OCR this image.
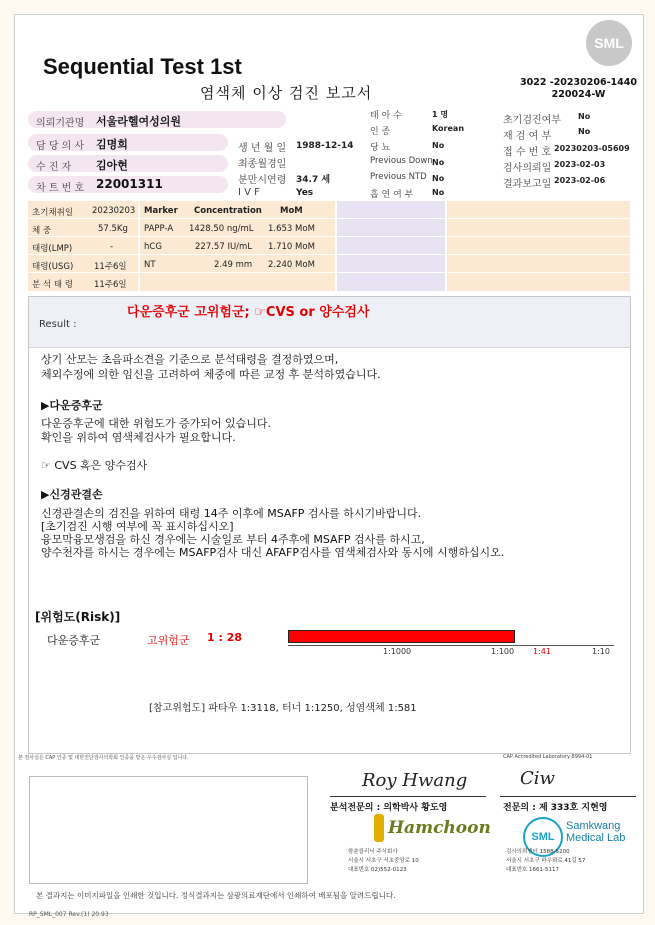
SML
Sequential Test 1st
염색체 이상 검진 보고서
3022 -20230206-1440
220024-W
의뢰기관명 서울라헬여성의원
담 당 의 사 김명희
수 진 자 김아현
차 트 번 호 22001311
생 년 월 일 1988-12-14
최종월경일
분만시연령 34.7 세
I V F	Yes
태 아 수	1 명
인 종	Korean
당 뇨	No
Previous Down No
Previous NTD No
흡 연 여 부 No
초기검진여부 No
재 검 여 부	No
접 수 번 호 20230203-05609
검사의뢰일 2023-02-03
결과보고일 2023-02-06
초기채취일 20230203
체 중	57.5Kg
태령(LMP)	-
태령(USG) 11주6일
분 석 태 령 11주6일
Marker Concentration MoM
PAPP-A 1428.50 ng/mL 1.653 MoM
hCG	227.57 IU/mL 1.710 MoM
NT	2.49 mm 2.240 MoM
Result :
다운증후군 고위험군; ☞CVS or 양수검사
상기 산모는 초음파소견을 기준으로 분석태령을 결정하였으며,
체외수정에 의한 임신을 고려하여 체중에 따른 교정 후 분석하였습니다.
▶다운증후군
다운증후군에 대한 위험도가 증가되어 있습니다.
확인을 위하여 염색체검사가 필요합니다.
☞ CVS 혹은 양수검사
▶신경관결손
신경관결손의 검진을 위하여 태령 14주 이후에 MSAFP 검사를 하시기바랍니다.
[초기검진 시행 여부에 꼭 표시하십시오]
융모막융모생검을 하신 경우에는 시술일로 부터 4주후에 MSAFP 검사를 하시고,
양수천자를 하시는 경우에는 MSAFP검사 대신 AFAFP검사를 염색체검사와 동시에 시행하십시오.
[위험도(Risk)]
다운증후군	고위험군 1 : 28
[참고위험도] 파타우 1:3118, 터너 1:1250, 성염색체 1:581
1:1000	1:100 1:41	1:10
본 검사실은 CAP 인증 및 대한진단검사의학회 인증을 받은 우수검사실 입니다.	CAP Accredited Laboratory 8994-01
Roy Hwang
분석전문의 : 의학박사 황도영
Ciw
전문의 : 제 333호 지현영
Hamchoon	SML
Samkwang
Medical Lab
함춘클리닉 주식회사
서울시 서초구 서초중앙로 10
대표번호 02)552-0123
검사의뢰센터 1588-5200
서울시 서초구 바우뫼로 41길 57
대표번호 1661-5117
본 결과지는 이미지파일을 인쇄한 것입니다. 정식결과지는 삼광의료재단에서 인쇄하여 배포됨을 알려드립니다.
RP_SML_007 Rev.(1) 20.93
